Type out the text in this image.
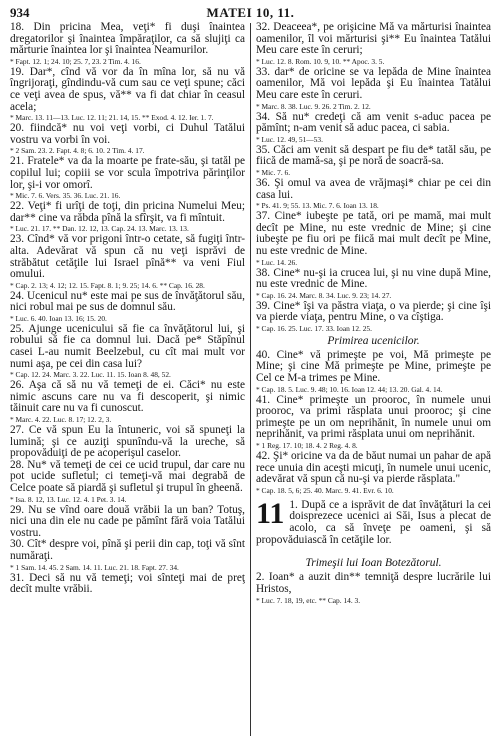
934	MATEI 10, 11.

18. Din pricina Mea, veţi* fi duşi înaintea dregatorilor şi înaintea împăraţilor, ca să slujiţi ca mărturie înaintea lor şi înaintea Neamurilor.

* Fapt. 12. 1; 24. 10; 25. 7, 23. 2 Tim. 4. 16.

19. Dar*, cînd vă vor da în mîna lor, să nu vă îngrijoraţi, gîndindu-vă cum sau ce veţi spune; căci ce veţi avea de spus, vă** va fi dat chiar în ceasul acela;

* Marc. 13. 11—13. Luc. 12. 11; 21. 14, 15. ** Exod. 4. 12. Ier. 1. 7.

20. fiindcă* nu voi veţi vorbi, ci Duhul Tatălui vostru va vorbi în voi.

* 2 Sam. 23. 2. Fapt. 4. 8; 6. 10. 2 Tim. 4. 17.

21. Fratele* va da la moarte pe frate-său, şi tatăl pe copilul lui; copiii se vor scula împotriva părinţilor lor, şi-i vor omorî.

* Mic. 7. 6. Vers. 35. 36. Luc. 21. 16.

22. Veţi* fi urîţi de toţi, din pricina Numelui Meu; dar** cine va răbda pînă la sfîrşit, va fi mîntuit.

* Luc. 21. 17. ** Dan. 12. 12, 13. Cap. 24. 13. Marc. 13. 13.

23. Cînd* vă vor prigoni într-o cetate, să fugiţi într-alta. Adevărat vă spun că nu veţi isprăvi de străbătut cetăţile lui Israel pînă** va veni Fiul omului.

* Cap. 2. 13; 4. 12; 12. 15. Fapt. 8. 1; 9. 25; 14. 6. ** Cap. 16. 28.

24. Ucenicul nu* este mai pe sus de învăţătorul său, nici robul mai pe sus de domnul său.

* Luc. 6. 40. Ioan 13. 16; 15. 20.

25. Ajunge ucenicului să fie ca învăţătorul lui, şi robului să fie ca domnul lui. Dacă pe* Stăpînul casei L-au numit Beelzebul, cu cît mai mult vor numi aşa, pe cei din casa lui?

* Cap. 12. 24. Marc. 3. 22. Luc. 11. 15. Ioan 8. 48, 52.

26. Aşa că să nu vă temeţi de ei. Căci* nu este nimic ascuns care nu va fi descoperit, şi nimic tăinuit care nu va fi cunoscut.

* Marc. 4. 22. Luc. 8. 17; 12. 2, 3.

27. Ce vă spun Eu la întuneric, voi să spuneţi la lumină; şi ce auziţi spunîndu-vă la ureche, să propovăduiţi de pe acoperişul caselor.

28. Nu* vă temeţi de cei ce ucid trupul, dar care nu pot ucide sufletul; ci temeţi-vă mai degrabă de Celce poate să piardă şi sufletul şi trupul în gheenă.

* Isa. 8. 12, 13. Luc. 12. 4. 1 Pet. 3. 14.

29. Nu se vînd oare două vrăbii la un ban? Totuş, nici una din ele nu cade pe pămînt fără voia Tatălui vostru.

30. Cît* despre voi, pînă şi perii din cap, toţi vă sînt număraţi.

* 1 Sam. 14. 45. 2 Sam. 14. 11. Luc. 21. 18. Fapt. 27. 34.

31. Deci să nu vă temeţi; voi sînteţi mai de preţ decît multe vrăbii.

32. Deaceea*, pe orişicine Mă va mărturisi înaintea oamenilor, îl voi mărturisi şi** Eu înaintea Tatălui Meu care este în ceruri;

* Luc. 12. 8. Rom. 10. 9, 10. ** Apoc. 3. 5.

33. dar* de oricine se va lepăda de Mine înaintea oamenilor, Mă voi lepăda şi Eu înaintea Tatălui Meu care este în ceruri.

* Marc. 8. 38. Luc. 9. 26. 2 Tim. 2. 12.

34. Să nu* credeţi că am venit s-aduc pacea pe pămînt; n-am venit să aduc pacea, ci sabia.

* Luc. 12. 49, 51—53.

35. Căci am venit să despart pe fiu de* tatăl său, pe fiică de mamă-sa, şi pe noră de soacră-sa.

* Mic. 7. 6.

36. Şi omul va avea de vrăjmaşi* chiar pe cei din casa lui.

* Ps. 41. 9; 55. 13. Mic. 7. 6. Ioan 13. 18.

37. Cine* iubeşte pe tată, ori pe mamă, mai mult decît pe Mine, nu este vrednic de Mine; şi cine iubeşte pe fiu ori pe fiică mai mult decît pe Mine, nu este vrednic de Mine.

* Luc. 14. 26.

38. Cine* nu-şi ia crucea lui, şi nu vine după Mine, nu este vrednic de Mine.

* Cap. 16. 24. Marc. 8. 34. Luc. 9. 23; 14. 27.

39. Cine* îşi va păstra viaţa, o va pierde; şi cine îşi va pierde viaţa, pentru Mine, o va cîştiga.

* Cap. 16. 25. Luc. 17. 33. Ioan 12. 25.

Primirea ucenicilor.

40. Cine* vă primeşte pe voi, Mă primeşte pe Mine; şi cine Mă primeşte pe Mine, primeşte pe Cel ce M-a trimes pe Mine.

* Cap. 18. 5. Luc. 9. 48; 10. 16. Ioan 12. 44; 13. 20. Gal. 4. 14.

41. Cine* primeşte un prooroc, în numele unui prooroc, va primi răsplata unui prooroc; şi cine primeşte pe un om neprihănit, în numele unui om neprihănit, va primi răsplata unui om neprihănit.

* 1 Reg. 17. 10; 18. 4. 2 Reg. 4. 8.

42. Şi* oricine va da de băut numai un pahar de apă rece unuia din aceşti micuţi, în numele unui ucenic, adevărat vă spun că nu-şi va pierde răsplata."

* Cap. 18. 5, 6; 25. 40. Marc. 9. 41. Evr. 6. 10.

11 1. După ce a isprăvit de dat învăţături la cei doisprezece ucenici ai Săi, Isus a plecat de acolo, ca să înveţe pe oameni, şi să propovăduiască în cetăţile lor.

Trimeşii lui Ioan Botezătorul.

2. Ioan* a auzit din** temniţă despre lucrările lui Hristos,

* Luc. 7. 18, 19, etc. ** Cap. 14. 3.
